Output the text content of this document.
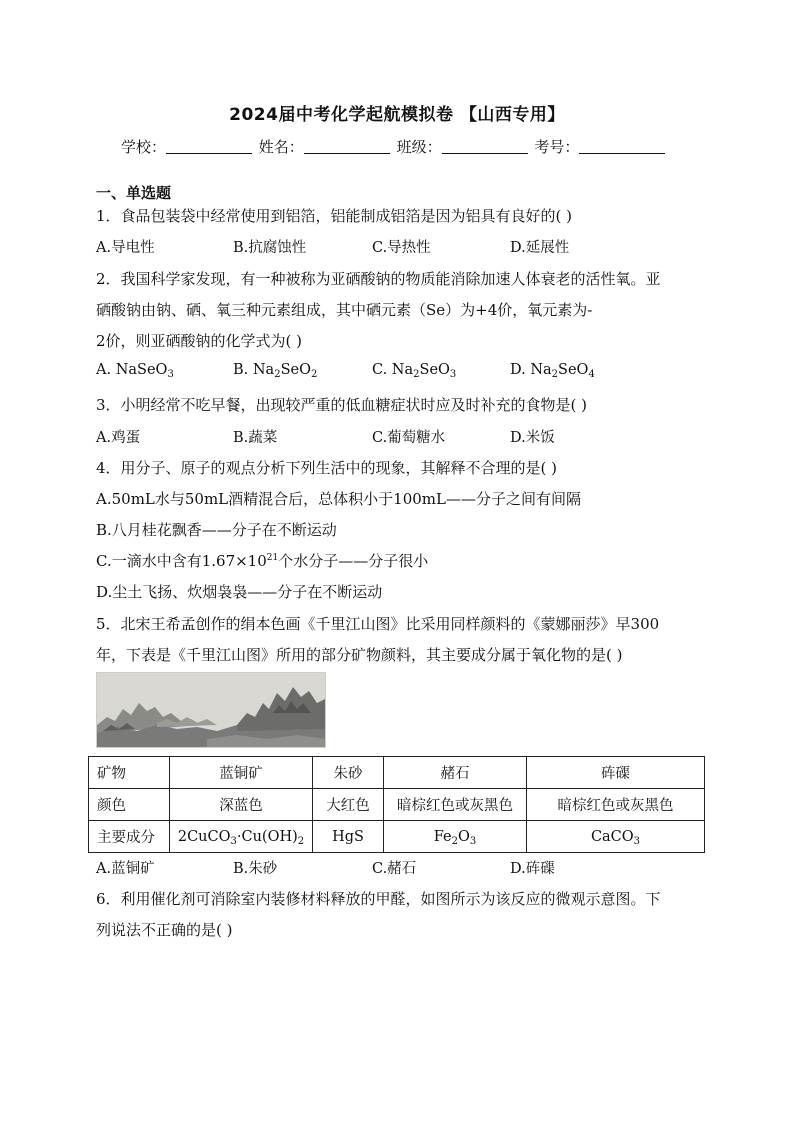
2024届中考化学起航模拟卷 【山西专用】
学校：	姓名：	班级：	考号：
一、单选题
1．食品包装袋中经常使用到铝箔，铝能制成铝箔是因为铝具有良好的( )
A.导电性	B.抗腐蚀性	C.导热性	D.延展性
2．我国科学家发现，有一种被称为亚硒酸钠的物质能消除加速人体衰老的活性氧。亚
硒酸钠由钠、硒、氧三种元素组成，其中硒元素（Se）为+4价，氧元素为-
2价，则亚硒酸钠的化学式为( )
A. NaSeO$_3$	B. $Na_2SeO_2$	C. $Na_2SeO_3$	D. $Na_2SeO_4$
3．小明经常不吃早餐，出现较严重的低血糖症状时应及时补充的食物是( )
A.鸡蛋	B.蔬菜	C.葡萄糖水	D.米饭
4．用分子、原子的观点分析下列生活中的现象，其解释不合理的是( )
A.50mL水与50mL酒精混合后，总体积小于100mL——分子之间有间隔
B.八月桂花飘香——分子在不断运动
C.一滴水中含有$1.67\times 10^{21}$个水分子——分子很小
D.尘土飞扬、炊烟袅袅——分子在不断运动
5．北宋王希孟创作的绢本色画《千里江山图》比采用同样颜料的《蒙娜丽莎》早300
年，下表是《千里江山图》所用的部分矿物颜料，其主要成分属于氧化物的是( )
矿物	蓝铜矿	朱砂	赭石	砗磲
颜色	深蓝色	大红色	暗棕红色或灰黑色	暗棕红色或灰黑色
主要成分	$2CuCO_3\cdot Cu(OH)_2$	HgS	$Fe_2O_3$	CaCO$_3$
A.蓝铜矿	B.朱砂	C.赭石	D.砗磲
6．利用催化剂可消除室内装修材料释放的甲醛，如图所示为该反应的微观示意图。下
列说法不正确的是( )
